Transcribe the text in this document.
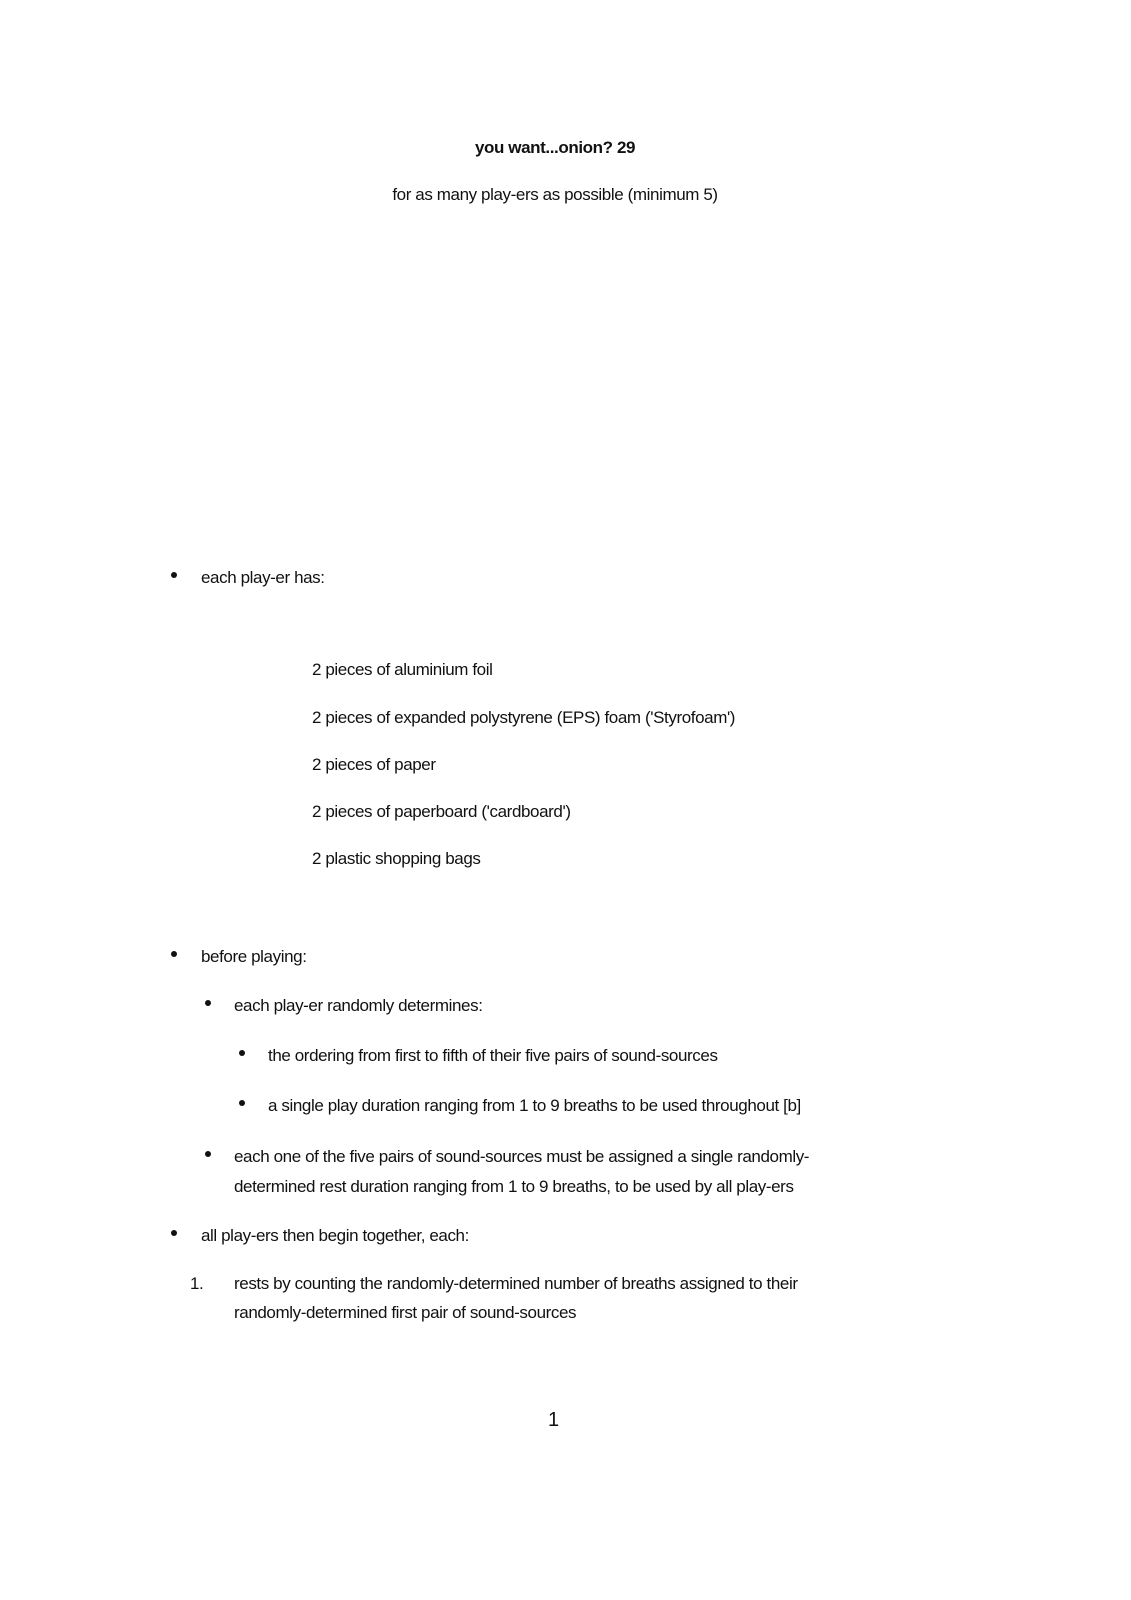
you want...onion? 29
for as many play-ers as possible (minimum 5)
each play-er has:
2 pieces of aluminium foil
2 pieces of expanded polystyrene (EPS) foam ('Styrofoam')
2 pieces of paper
2 pieces of paperboard ('cardboard')
2 plastic shopping bags
before playing:
each play-er randomly determines:
the ordering from first to fifth of their five pairs of sound-sources
a single play duration ranging from 1 to 9 breaths to be used throughout [b]
each one of the five pairs of sound-sources must be assigned a single randomly-
determined rest duration ranging from 1 to 9 breaths, to be used by all play-ers
all play-ers then begin together, each:
1. rests by counting the randomly-determined number of breaths assigned to their
randomly-determined first pair of sound-sources
1
